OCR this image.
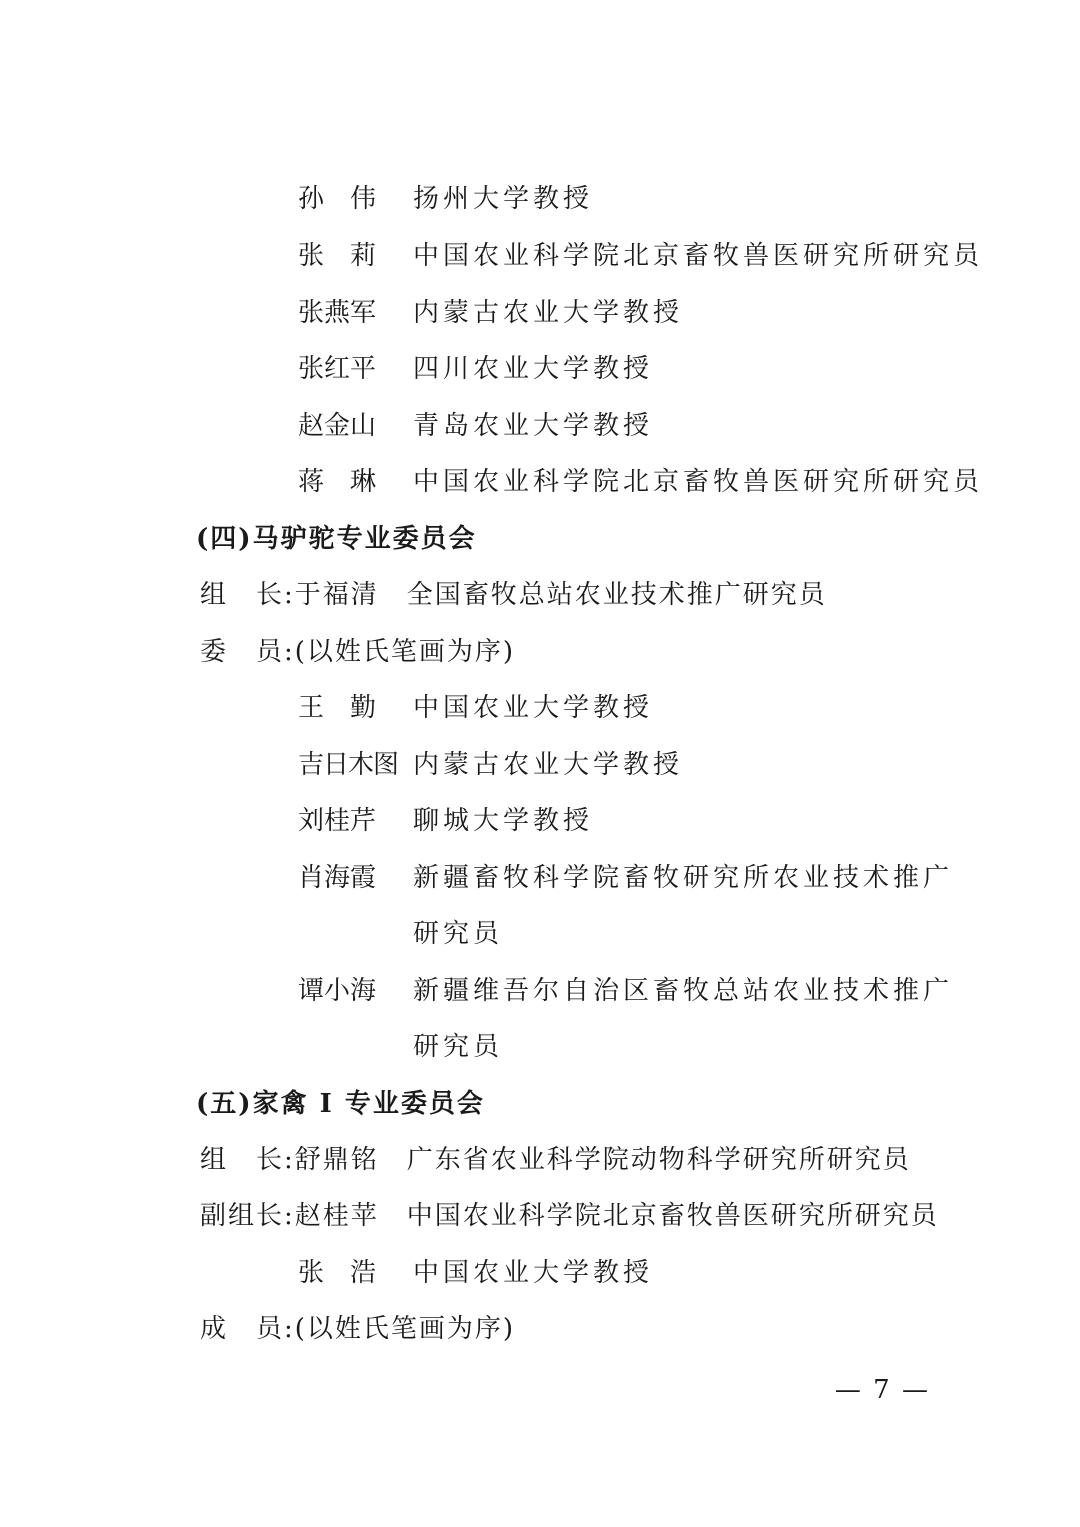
孙　伟	扬州大学教授
张　莉	中国农业科学院北京畜牧兽医研究所研究员
张燕军	内蒙古农业大学教授
张红平	四川农业大学教授
赵金山	青岛农业大学教授
蒋　琳	中国农业科学院北京畜牧兽医研究所研究员
(四)马驴驼专业委员会
组　长:于福清　全国畜牧总站农业技术推广研究员
委　员:(以姓氏笔画为序)
王　勤	中国农业大学教授
吉日木图 内蒙古农业大学教授
刘桂芹	聊城大学教授
肖海霞	新疆畜牧科学院畜牧研究所农业技术推广
研究员
谭小海	新疆维吾尔自治区畜牧总站农业技术推广
研究员
(五)家禽 I 专业委员会
组　长:舒鼎铭　广东省农业科学院动物科学研究所研究员
副组长:赵桂苹　中国农业科学院北京畜牧兽医研究所研究员
张　浩	中国农业大学教授
成　员:(以姓氏笔画为序)
— 7 —
